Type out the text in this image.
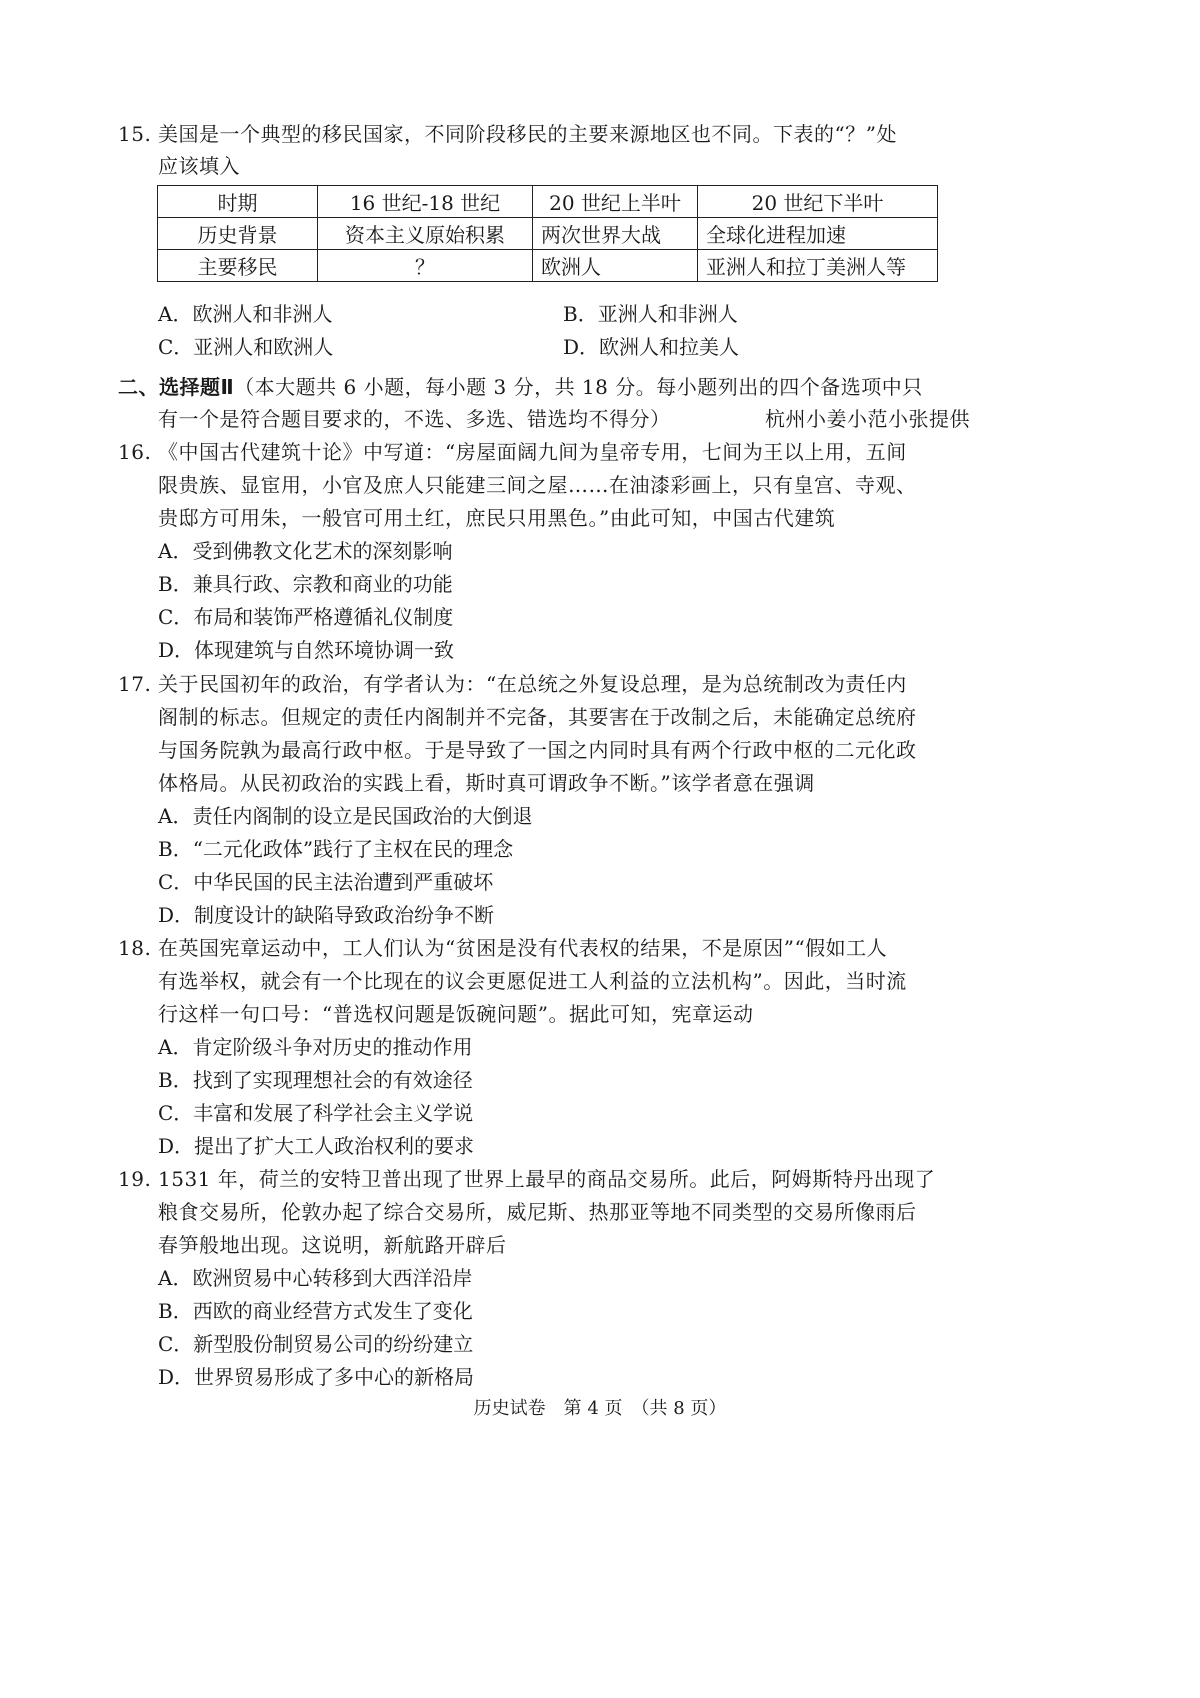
15. 美国是一个典型的移民国家，不同阶段移民的主要来源地区也不同。下表的“？”处
应该填入
时期	16 世纪-18 世纪	20 世纪上半叶	20 世纪下半叶
历史背景	资本主义原始积累	两次世界大战	全球化进程加速
主要移民	？	欧洲人	亚洲人和拉丁美洲人等
A．欧洲人和非洲人	B．亚洲人和非洲人
C．亚洲人和欧洲人	D．欧洲人和拉美人
二、选择题Ⅱ（本大题共 6 小题，每小题 3 分，共 18 分。每小题列出的四个备选项中只
有一个是符合题目要求的，不选、多选、错选均不得分）	杭州小姜小范小张提供
16. 《中国古代建筑十论》中写道：“房屋面阔九间为皇帝专用，七间为王以上用，五间
限贵族、显宦用，小官及庶人只能建三间之屋……在油漆彩画上，只有皇宫、寺观、
贵邸方可用朱，一般官可用土红，庶民只用黑色。”由此可知，中国古代建筑
A．受到佛教文化艺术的深刻影响
B．兼具行政、宗教和商业的功能
C．布局和装饰严格遵循礼仪制度
D．体现建筑与自然环境协调一致
17. 关于民国初年的政治，有学者认为：“在总统之外复设总理，是为总统制改为责任内
阁制的标志。但规定的责任内阁制并不完备，其要害在于改制之后，未能确定总统府
与国务院孰为最高行政中枢。于是导致了一国之内同时具有两个行政中枢的二元化政
体格局。从民初政治的实践上看，斯时真可谓政争不断。”该学者意在强调
A．责任内阁制的设立是民国政治的大倒退
B．“二元化政体”践行了主权在民的理念
C．中华民国的民主法治遭到严重破坏
D．制度设计的缺陷导致政治纷争不断
18. 在英国宪章运动中，工人们认为“贫困是没有代表权的结果，不是原因”“假如工人
有选举权，就会有一个比现在的议会更愿促进工人利益的立法机构”。因此，当时流
行这样一句口号：“普选权问题是饭碗问题”。据此可知，宪章运动
A．肯定阶级斗争对历史的推动作用
B．找到了实现理想社会的有效途径
C．丰富和发展了科学社会主义学说
D．提出了扩大工人政治权利的要求
19. 1531 年，荷兰的安特卫普出现了世界上最早的商品交易所。此后，阿姆斯特丹出现了
粮食交易所，伦敦办起了综合交易所，威尼斯、热那亚等地不同类型的交易所像雨后
春笋般地出现。这说明，新航路开辟后
A．欧洲贸易中心转移到大西洋沿岸
B．西欧的商业经营方式发生了变化
C．新型股份制贸易公司的纷纷建立
D．世界贸易形成了多中心的新格局
历史试卷　第 4 页　（共 8 页）
